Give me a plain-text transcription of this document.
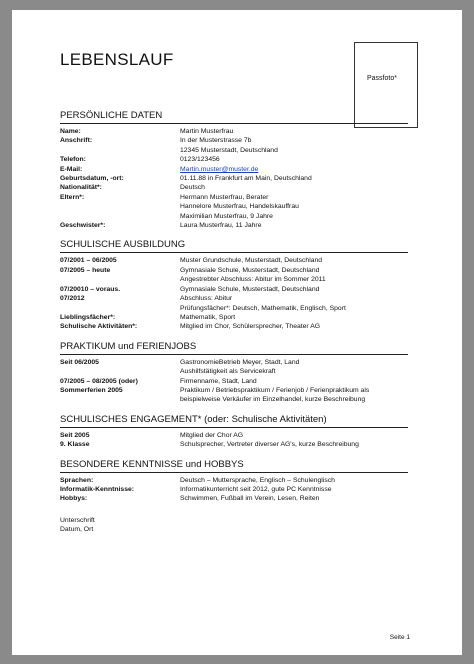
LEBENSLAUF
Passfoto*
PERSÖNLICHE DATEN
Name:	Martin Musterfrau
Anschrift:	In der Musterstrasse 7b
12345 Musterstadt, Deutschland
Telefon:	0123/123456
E-Mail:	Martin.muster@muster.de
Geburtsdatum, -ort:	01.11.88 in Frankfurt am Main, Deutschland
Nationalität*:	Deutsch
Eltern*:	Hermann Musterfrau, Berater
Hannelore Musterfrau, Handelskauffrau
Maximilian Musterfrau, 9 Jahre
Geschwister*:	Laura Musterfrau, 11 Jahre
SCHULISCHE AUSBILDUNG
07/2001 – 06/2005	Muster Grundschule, Musterstadt, Deutschland
07/2005 – heute	Gymnasiale Schule, Musterstadt, Deutschland
Angestrebter Abschluss: Abitur im Sommer 2011
07/20010 – voraus.	Gymnasiale Schule, Musterstadt, Deutschland
07/2012	Abschluss: Abitur
Prüfungsfächer*: Deutsch, Mathematik, Englisch, Sport
Lieblingsfächer*:	Mathematik, Sport
Schulische Aktivitäten*:	Mitglied im Chor, Schülersprecher, Theater AG
PRAKTIKUM und FERIENJOBS
Seit 06/2005	GastronomieBetrieb Meyer, Stadt, Land
Aushilfstätigkeit als Servicekraft
07/2005 – 08/2005 (oder)	Firmenname, Stadt, Land
Sommerferien 2005	Praktikum / Betriebspraktikum / Ferienjob / Ferienpraktikum als
beispielweise Verkäufer im Einzelhandel, kurze Beschreibung
SCHULISCHES ENGAGEMENT* (oder: Schulische Aktivitäten)
Seit 2005	Mitglied der Chor AG
9. Klasse	Schulsprecher, Vertreter diverser AG's, kurze Beschreibung
BESONDERE KENNTNISSE und HOBBYS
Sprachen:	Deutsch – Muttersprache, Englisch – Schulenglisch
Informatik-Kenntnisse:	Informatikunterricht seit 2012, gute PC Kenntnisse
Hobbys:	Schwimmen, Fußball im Verein, Lesen, Reiten
Unterschrift
Datum, Ort
Seite 1
